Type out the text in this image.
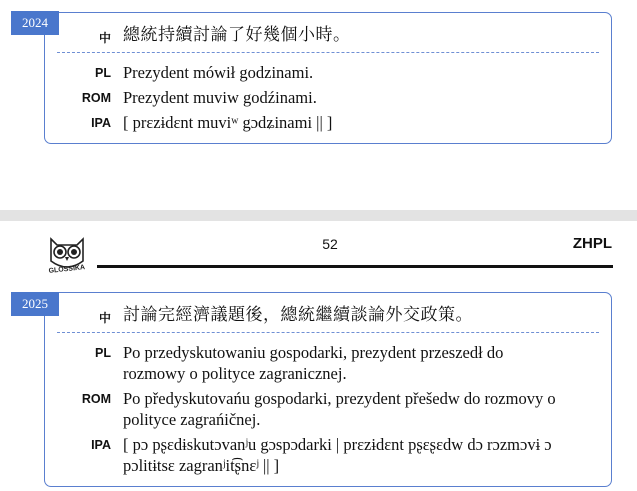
2024
中 總統持續討論了好幾個小時。
PL Prezydent mówił godzinami.
ROM Prezydent muviw godźinami.
IPA [ prɛzɨdɛnt muviʷ gɔdʑinami || ]
GLOSSIKA
52	ZHPL
2025
中 討論完經濟議題後，總統繼續談論外交政策。
PL Po przedyskutowaniu gospodarki, prezydent przeszedł do
rozmowy o polityce zagranicznej.
ROM Po předyskutovańu gospodarki, prezydent přešedw do rozmovy o
polityce zagrańičnej.
IPA [ pɔ pʂɛdɨskutɔvanʲu gɔspɔdarki | prɛzɨdɛnt pʂɛʂɛdw dɔ rɔzmɔvɨ ɔ
pɔlitɨtsɛ zagranʲit͡ʂnɛʲ || ]
